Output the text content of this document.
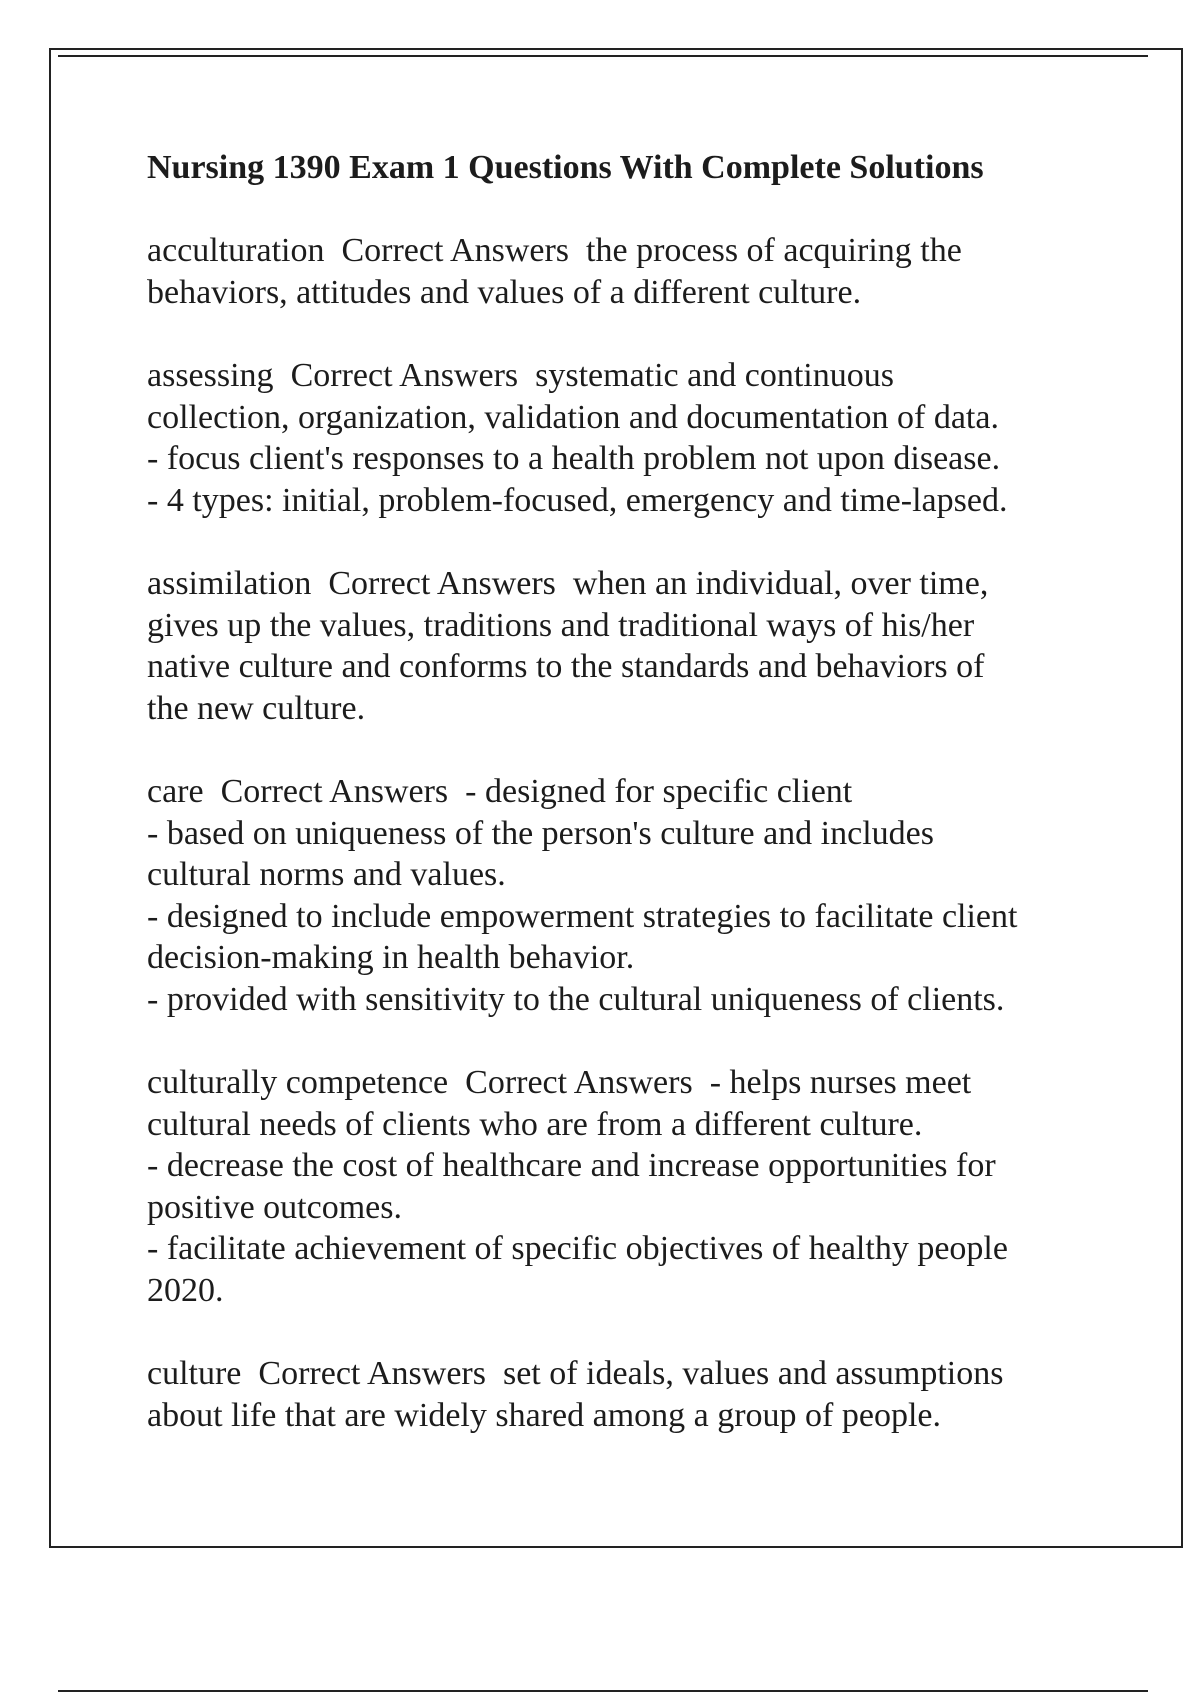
Nursing 1390 Exam 1 Questions With Complete Solutions
acculturation  Correct Answers  the process of acquiring the
behaviors, attitudes and values of a different culture.
assessing  Correct Answers  systematic and continuous
collection, organization, validation and documentation of data.
- focus client's responses to a health problem not upon disease.
- 4 types: initial, problem-focused, emergency and time-lapsed.
assimilation  Correct Answers  when an individual, over time,
gives up the values, traditions and traditional ways of his/her
native culture and conforms to the standards and behaviors of
the new culture.
care  Correct Answers  - designed for specific client
- based on uniqueness of the person's culture and includes
cultural norms and values.
- designed to include empowerment strategies to facilitate client
decision-making in health behavior.
- provided with sensitivity to the cultural uniqueness of clients.
culturally competence  Correct Answers  - helps nurses meet
cultural needs of clients who are from a different culture.
- decrease the cost of healthcare and increase opportunities for
positive outcomes.
- facilitate achievement of specific objectives of healthy people
2020.
culture  Correct Answers  set of ideals, values and assumptions
about life that are widely shared among a group of people.
